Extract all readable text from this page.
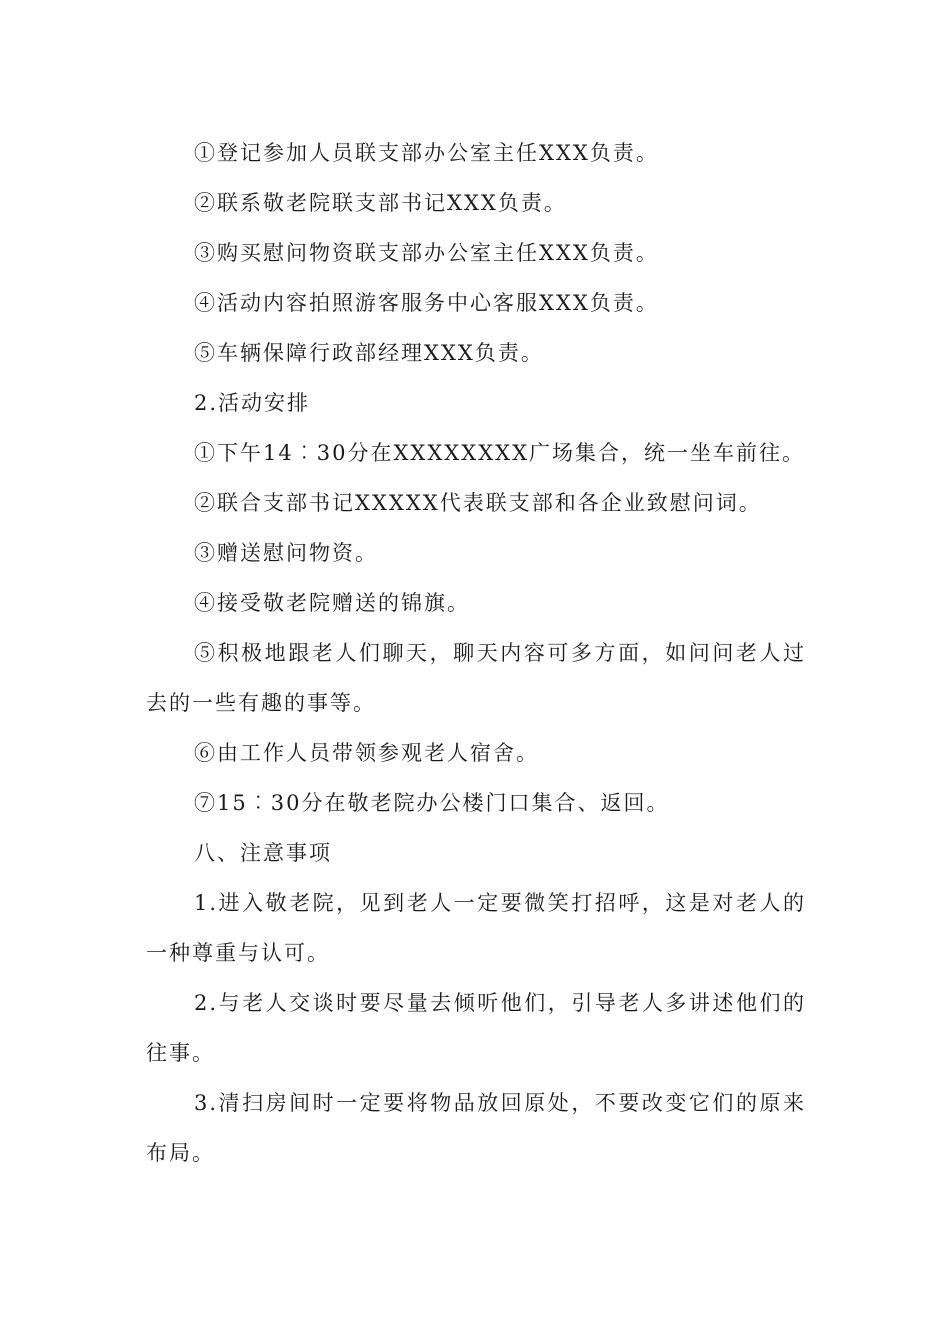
①登记参加人员联支部办公室主任XXX负责。

②联系敬老院联支部书记XXX负责。

③购买慰问物资联支部办公室主任XXX负责。

④活动内容拍照游客服务中心客服XXX负责。

⑤车辆保障行政部经理XXX负责。

2.活动安排

①下午14︰30分在XXXXXXXX广场集合，统一坐车前往。

②联合支部书记XXXXX代表联支部和各企业致慰问词。

③赠送慰问物资。

④接受敬老院赠送的锦旗。

⑤积极地跟老人们聊天，聊天内容可多方面，如问问老人过去的一些有趣的事等。

⑥由工作人员带领参观老人宿舍。

⑦15︰30分在敬老院办公楼门口集合、返回。

八、注意事项

1.进入敬老院，见到老人一定要微笑打招呼，这是对老人的一种尊重与认可。

2.与老人交谈时要尽量去倾听他们，引导老人多讲述他们的往事。

3.清扫房间时一定要将物品放回原处，不要改变它们的原来布局。
